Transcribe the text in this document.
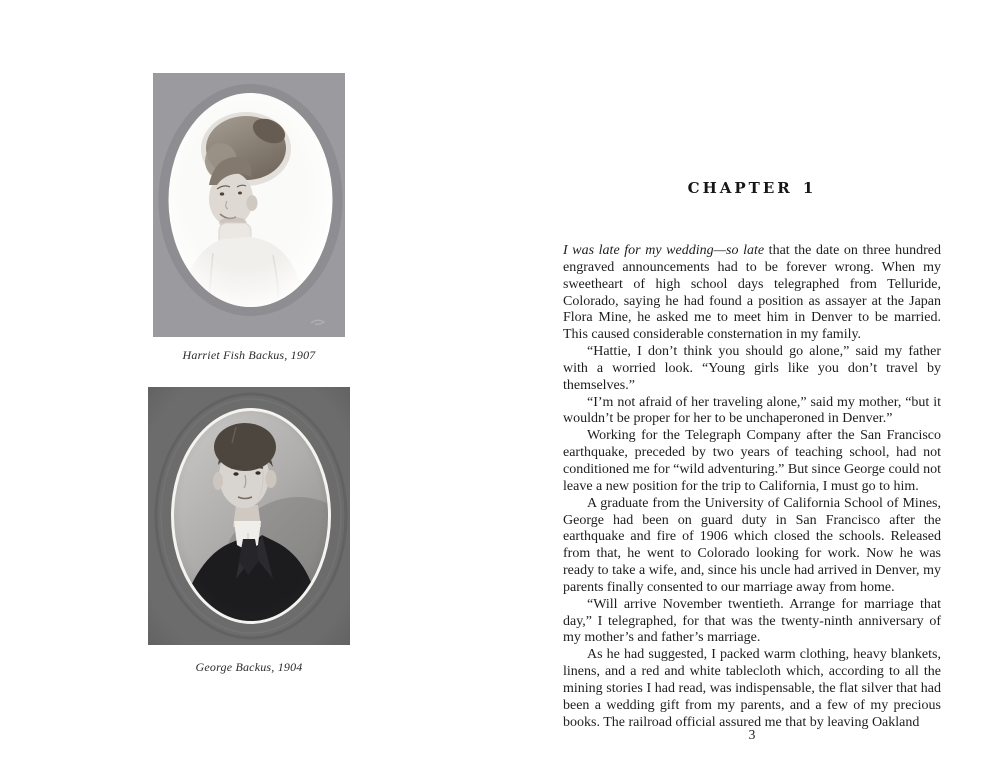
Harriet Fish Backus, 1907
George Backus, 1904
CHAPTER 1

I was late for my wedding—so late that the date on three hundred engraved announcements had to be forever wrong. When my sweetheart of high school days telegraphed from Telluride, Colorado, saying he had found a position as assayer at the Japan Flora Mine, he asked me to meet him in Denver to be married. This caused considerable consternation in my family.

“Hattie, I don’t think you should go alone,” said my father with a worried look. “Young girls like you don’t travel by themselves.”

“I’m not afraid of her traveling alone,” said my mother, “but it wouldn’t be proper for her to be unchaperoned in Denver.”

Working for the Telegraph Company after the San Francisco earthquake, preceded by two years of teaching school, had not conditioned me for “wild adventuring.” But since George could not leave a new position for the trip to California, I must go to him.

A graduate from the University of California School of Mines, George had been on guard duty in San Francisco after the earthquake and fire of 1906 which closed the schools. Released from that, he went to Colorado looking for work. Now he was ready to take a wife, and, since his uncle had arrived in Denver, my parents finally consented to our marriage away from home.

“Will arrive November twentieth. Arrange for marriage that day,” I telegraphed, for that was the twenty-ninth anniversary of my mother’s and father’s marriage.

As he had suggested, I packed warm clothing, heavy blankets, linens, and a red and white tablecloth which, according to all the mining stories I had read, was indispensable, the flat silver that had been a wedding gift from my parents, and a few of my precious books. The railroad official assured me that by leaving Oakland

3
